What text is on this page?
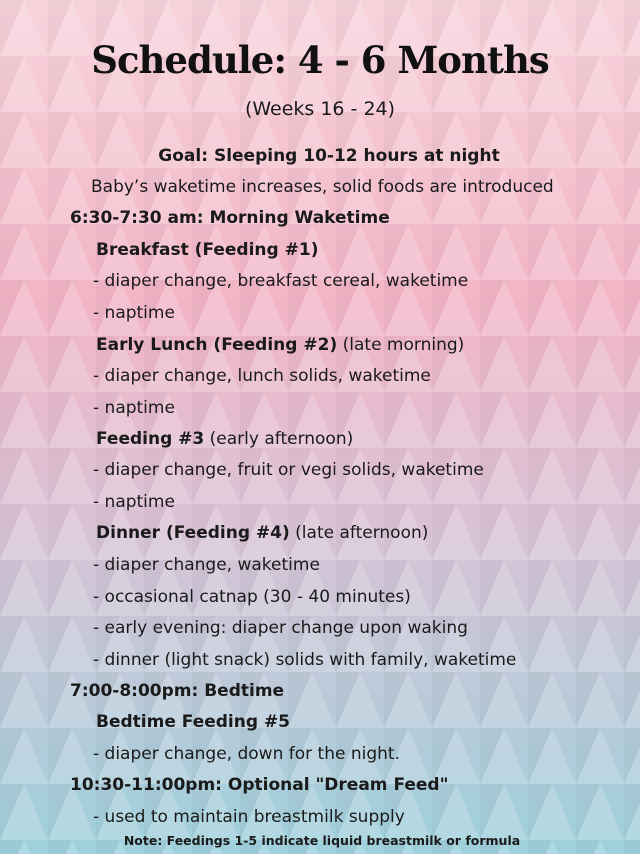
Schedule: 4 - 6 Months
(Weeks 16 - 24)
Goal: Sleeping 10-12 hours at night
Baby’s waketime increases, solid foods are introduced
6:30-7:30 am: Morning Waketime
Breakfast (Feeding #1)
- diaper change, breakfast cereal, waketime
- naptime
Early Lunch (Feeding #2) (late morning)
- diaper change, lunch solids, waketime
- naptime
Feeding #3 (early afternoon)
- diaper change, fruit or vegi solids, waketime
- naptime
Dinner (Feeding #4) (late afternoon)
- diaper change, waketime
- occasional catnap (30 - 40 minutes)
- early evening: diaper change upon waking
- dinner (light snack) solids with family, waketime
7:00-8:00pm: Bedtime
Bedtime Feeding #5
- diaper change, down for the night.
10:30-11:00pm: Optional "Dream Feed"
- used to maintain breastmilk supply
Note: Feedings 1-5 indicate liquid breastmilk or formula
